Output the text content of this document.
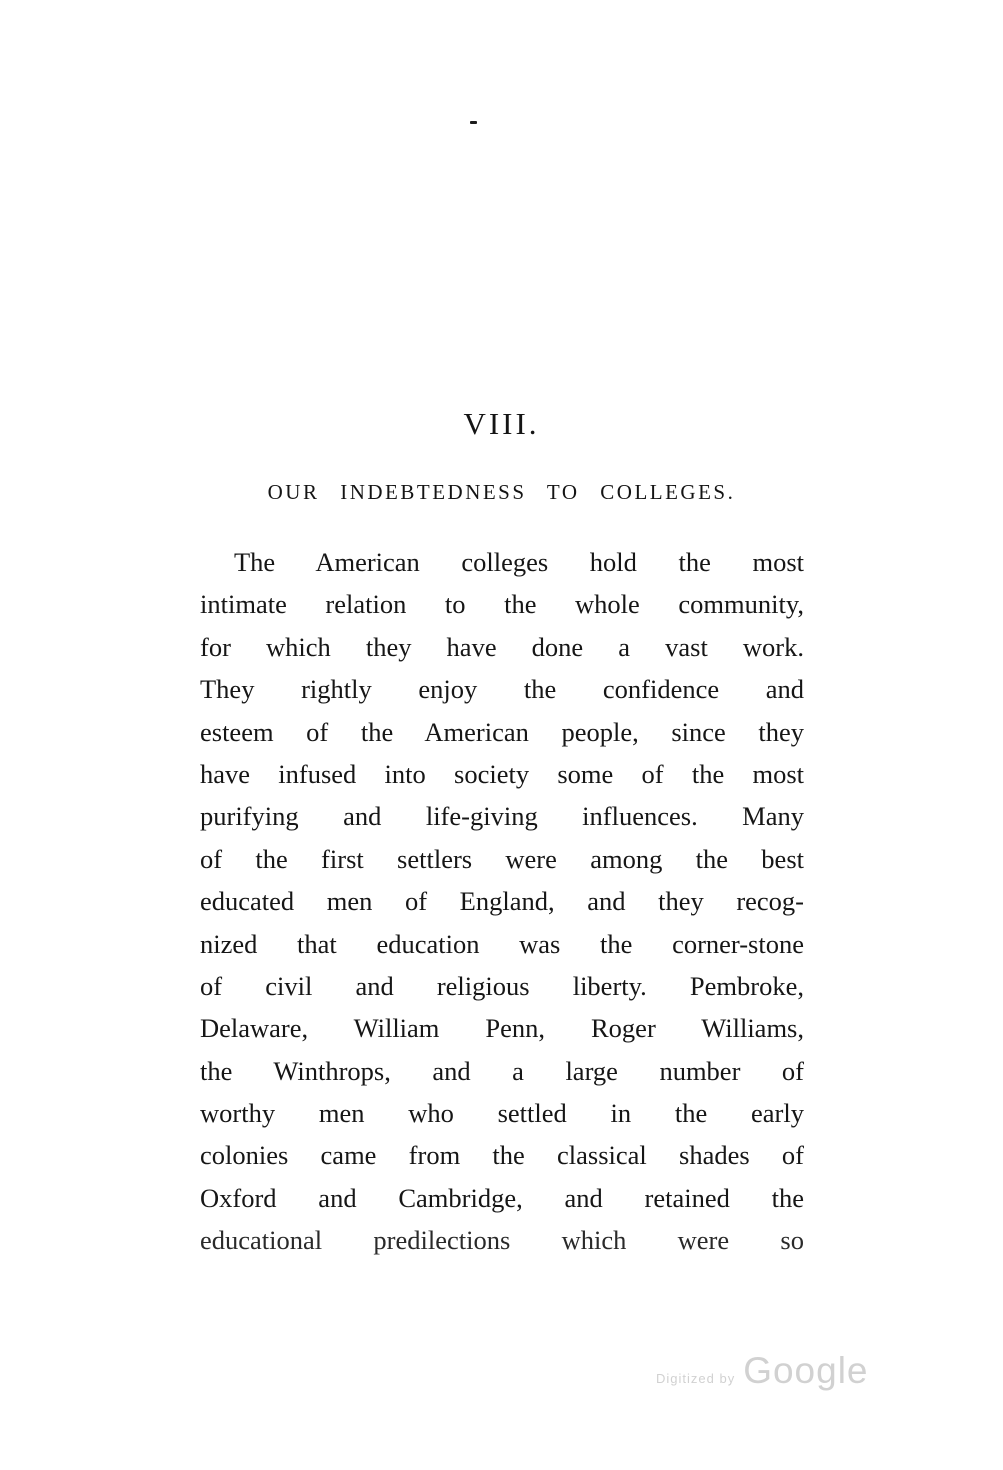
VIII.
OUR INDEBTEDNESS TO COLLEGES.
The American colleges hold the most
intimate relation to the whole community,
for which they have done a vast work.
They rightly enjoy the confidence and
esteem of the American people, since they
have infused into society some of the most
purifying and life-giving influences. Many
of the first settlers were among the best
educated men of England, and they recog-
nized that education was the corner-stone
of civil and religious liberty. Pembroke,
Delaware, William Penn, Roger Williams,
the Winthrops, and a large number of
worthy men who settled in the early
colonies came from the classical shades of
Oxford and Cambridge, and retained the
educational predilections which were so
Digitized by Google
